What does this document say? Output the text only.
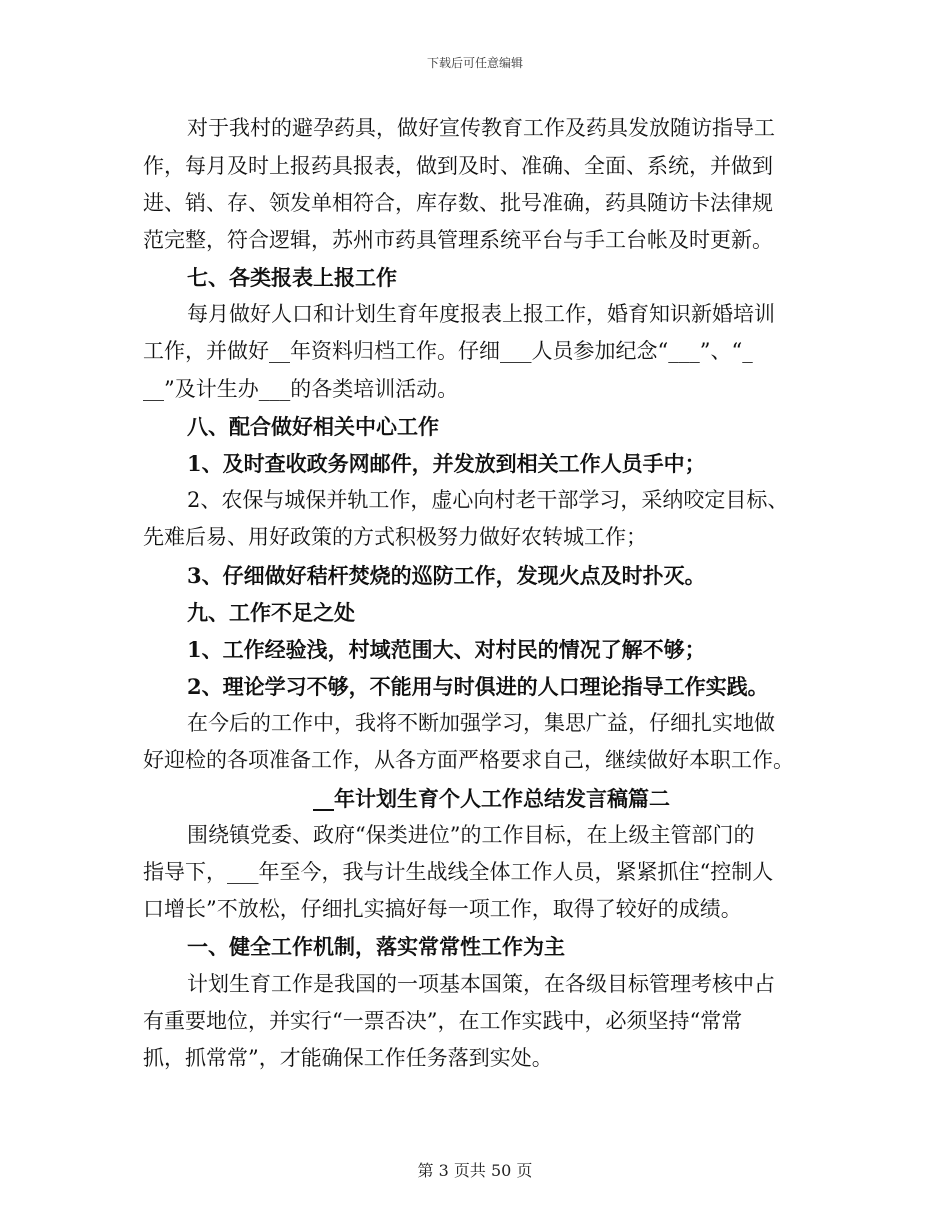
下载后可任意编辑
对于我村的避孕药具，做好宣传教育工作及药具发放随访指导工
作，每月及时上报药具报表，做到及时、准确、全面、系统，并做到
进、销、存、领发单相符合，库存数、批号准确，药具随访卡法律规
范完整，符合逻辑，苏州市药具管理系统平台与手工台帐及时更新。
七、各类报表上报工作
每月做好人口和计划生育年度报表上报工作，婚育知识新婚培训
工作，并做好__年资料归档工作。仔细___人员参加纪念“___”、“_
__”及计生办___的各类培训活动。
八、配合做好相关中心工作
1、及时查收政务网邮件，并发放到相关工作人员手中；
2、农保与城保并轨工作，虚心向村老干部学习，采纳咬定目标、
先难后易、用好政策的方式积极努力做好农转城工作；
3、仔细做好秸杆焚烧的巡防工作，发现火点及时扑灭。
九、工作不足之处
1、工作经验浅，村域范围大、对村民的情况了解不够；
2、理论学习不够，不能用与时俱进的人口理论指导工作实践。
在今后的工作中，我将不断加强学习，集思广益，仔细扎实地做
好迎检的各项准备工作，从各方面严格要求自己，继续做好本职工作。
__年计划生育个人工作总结发言稿篇二
围绕镇党委、政府“保类进位”的工作目标，在上级主管部门的
指导下，___年至今，我与计生战线全体工作人员，紧紧抓住“控制人
口增长”不放松，仔细扎实搞好每一项工作，取得了较好的成绩。
一、健全工作机制，落实常常性工作为主
计划生育工作是我国的一项基本国策，在各级目标管理考核中占
有重要地位，并实行“一票否决”，在工作实践中，必须坚持“常常
抓，抓常常”，才能确保工作任务落到实处。
第 3 页共 50 页
